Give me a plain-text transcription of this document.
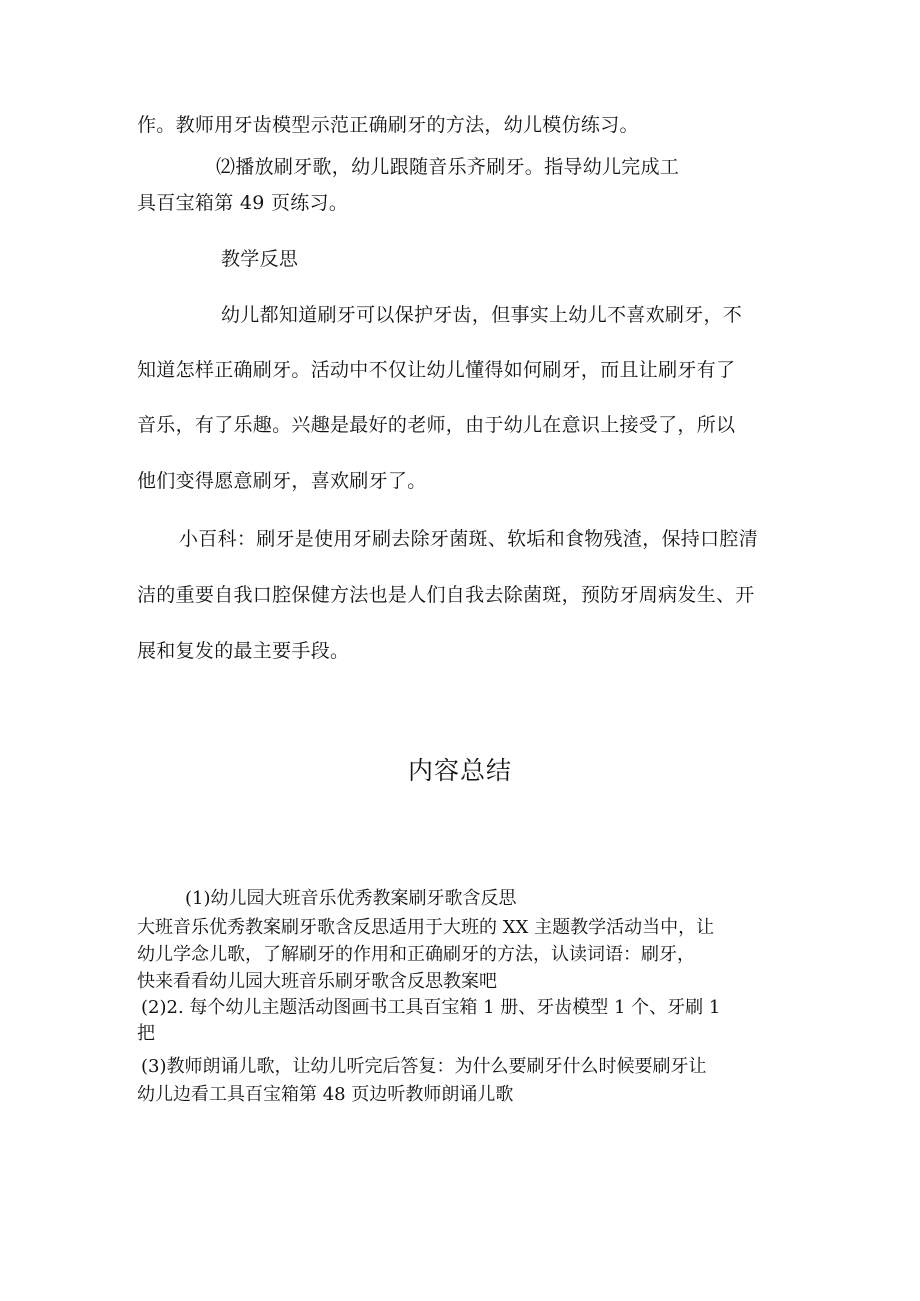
作。教师用牙齿模型示范正确刷牙的方法，幼儿模仿练习。
⑵播放刷牙歌，幼儿跟随音乐齐刷牙。指导幼儿完成工
具百宝箱第 49 页练习。
教学反思
幼儿都知道刷牙可以保护牙齿，但事实上幼儿不喜欢刷牙，不
知道怎样正确刷牙。活动中不仅让幼儿懂得如何刷牙，而且让刷牙有了
音乐，有了乐趣。兴趣是最好的老师，由于幼儿在意识上接受了，所以
他们变得愿意刷牙，喜欢刷牙了。
小百科：刷牙是使用牙刷去除牙菌斑、软垢和食物残渣，保持口腔清
洁的重要自我口腔保健方法也是人们自我去除菌斑，预防牙周病发生、开
展和复发的最主要手段。
内容总结
(1)幼儿园大班音乐优秀教案刷牙歌含反思
大班音乐优秀教案刷牙歌含反思适用于大班的 XX 主题教学活动当中，让
幼儿学念儿歌，了解刷牙的作用和正确刷牙的方法，认读词语：刷牙，
快来看看幼儿园大班音乐刷牙歌含反思教案吧
(2)2. 每个幼儿主题活动图画书工具百宝箱 1 册、牙齿模型 1 个、牙刷 1
把
(3)教师朗诵儿歌，让幼儿听完后答复：为什么要刷牙什么时候要刷牙让
幼儿边看工具百宝箱第 48 页边听教师朗诵儿歌
